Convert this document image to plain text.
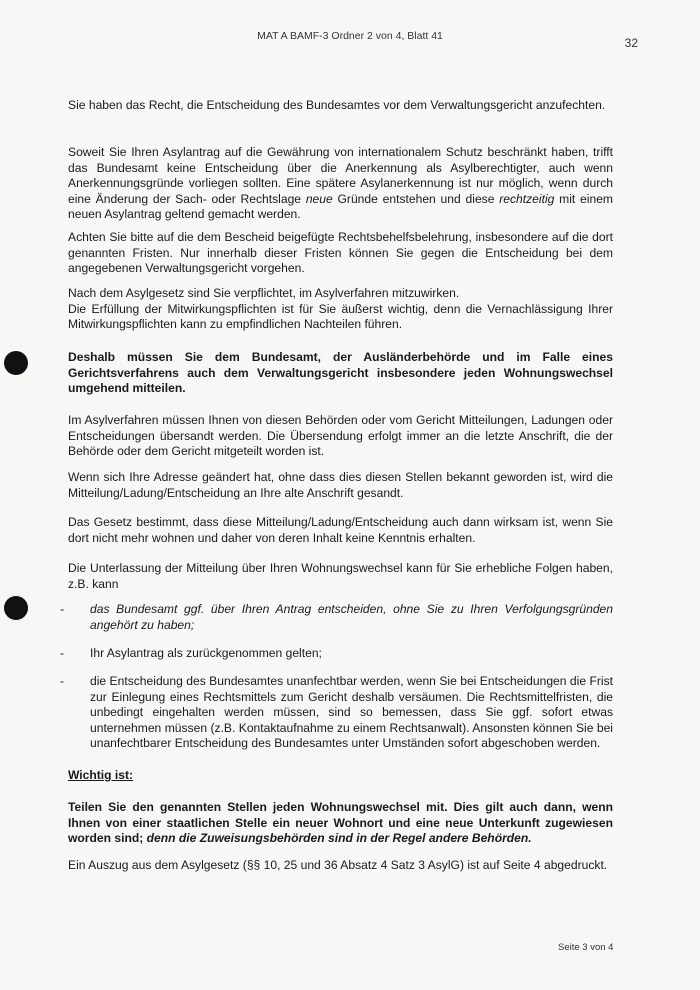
MAT A BAMF-3 Ordner 2 von 4, Blatt 41	32

Sie haben das Recht, die Entscheidung des Bundesamtes vor dem Verwaltungsgericht anzufechten.

Soweit Sie Ihren Asylantrag auf die Gewährung von internationalem Schutz beschränkt haben, trifft das Bundesamt keine Entscheidung über die Anerkennung als Asylberechtigter, auch wenn Anerkennungsgründe vorliegen sollten. Eine spätere Asylanerkennung ist nur möglich, wenn durch eine Änderung der Sach- oder Rechtslage neue Gründe entstehen und diese rechtzeitig mit einem neuen Asylantrag geltend gemacht werden.

Achten Sie bitte auf die dem Bescheid beigefügte Rechtsbehelfsbelehrung, insbesondere auf die dort genannten Fristen. Nur innerhalb dieser Fristen können Sie gegen die Entscheidung bei dem angegebenen Verwaltungsgericht vorgehen.

Nach dem Asylgesetz sind Sie verpflichtet, im Asylverfahren mitzuwirken.

Die Erfüllung der Mitwirkungspflichten ist für Sie äußerst wichtig, denn die Vernachlässigung Ihrer Mitwirkungspflichten kann zu empfindlichen Nachteilen führen.

Deshalb müssen Sie dem Bundesamt, der Ausländerbehörde und im Falle eines Gerichtsverfahrens auch dem Verwaltungsgericht insbesondere jeden Wohnungswechsel umgehend mitteilen.

Im Asylverfahren müssen Ihnen von diesen Behörden oder vom Gericht Mitteilungen, Ladungen oder Entscheidungen übersandt werden. Die Übersendung erfolgt immer an die letzte Anschrift, die der Behörde oder dem Gericht mitgeteilt worden ist.

Wenn sich Ihre Adresse geändert hat, ohne dass dies diesen Stellen bekannt geworden ist, wird die Mitteilung/Ladung/Entscheidung an Ihre alte Anschrift gesandt.

Das Gesetz bestimmt, dass diese Mitteilung/Ladung/Entscheidung auch dann wirksam ist, wenn Sie dort nicht mehr wohnen und daher von deren Inhalt keine Kenntnis erhalten.

Die Unterlassung der Mitteilung über Ihren Wohnungswechsel kann für Sie erhebliche Folgen haben, z.B. kann

-	das Bundesamt ggf. über Ihren Antrag entscheiden, ohne Sie zu Ihren Verfolgungsgründen angehört zu haben;
-	Ihr Asylantrag als zurückgenommen gelten;
-	die Entscheidung des Bundesamtes unanfechtbar werden, wenn Sie bei Entscheidungen die Frist zur Einlegung eines Rechtsmittels zum Gericht deshalb versäumen. Die Rechtsmittelfristen, die unbedingt eingehalten werden müssen, sind so bemessen, dass Sie ggf. sofort etwas unternehmen müssen (z.B. Kontaktaufnahme zu einem Rechtsanwalt). Ansonsten können Sie bei unanfechtbarer Entscheidung des Bundesamtes unter Umständen sofort abgeschoben werden.

Wichtig ist:

Teilen Sie den genannten Stellen jeden Wohnungswechsel mit. Dies gilt auch dann, wenn Ihnen von einer staatlichen Stelle ein neuer Wohnort und eine neue Unterkunft zugewiesen worden sind; denn die Zuweisungsbehörden sind in der Regel andere Behörden.

Ein Auszug aus dem Asylgesetz (§§ 10, 25 und 36 Absatz 4 Satz 3 AsylG) ist auf Seite 4 abgedruckt.

Seite 3 von 4
